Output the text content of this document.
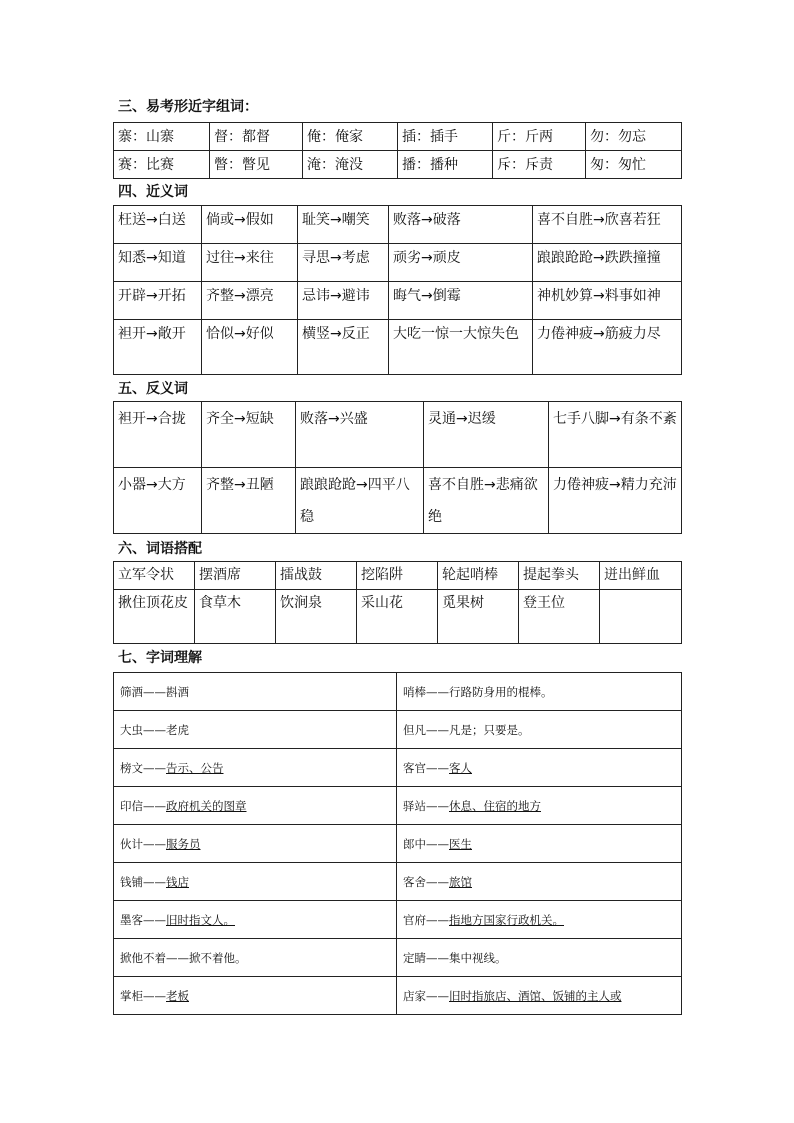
三、易考形近字组词：
寨：山寨	督：都督	俺：俺家	插：插手	斤：斤两	勿：勿忘
赛：比赛	瞥：瞥见	淹：淹没	播：播种	斥：斥责	匆：匆忙
四、近义词
枉送→白送	倘或→假如	耻笑→嘲笑	败落→破落	喜不自胜→欣喜若狂
知悉→知道	过往→来往	寻思→考虑	顽劣→顽皮	踉踉跄跄→跌跌撞撞
开辟→开拓	齐整→漂亮	忌讳→避讳	晦气→倒霉	神机妙算→料事如神
袒开→敞开	恰似→好似	横竖→反正	大吃一惊一大惊失色	力倦神疲→筋疲力尽
五、反义词
袒开→合拢	齐全→短缺	败落→兴盛	灵通→迟缓	七手八脚→有条不紊
小器→大方	齐整→丑陋	踉踉跄跄→四平八稳	喜不自胜→悲痛欲绝	力倦神疲→精力充沛
六、词语搭配
立军令状	摆酒席	擂战鼓	挖陷阱	轮起哨棒	提起拳头	迸出鲜血
揪住顶花皮	食草木	饮涧泉	采山花	觅果树	登王位	
七、字词理解
筛酒——斟酒	哨棒——行路防身用的棍棒。
大虫——老虎	但凡——凡是；只要是。
榜文——告示、公告	客官——客人
印信——政府机关的图章	驿站——休息、住宿的地方
伙计——服务员	郎中——医生
钱铺——钱店	客舍——旅馆
墨客——旧时指文人。	官府——指地方国家行政机关。
掀他不着——掀不着他。	定睛——集中视线。
掌柜——老板	店家——旧时指旅店、酒馆、饭铺的主人或
